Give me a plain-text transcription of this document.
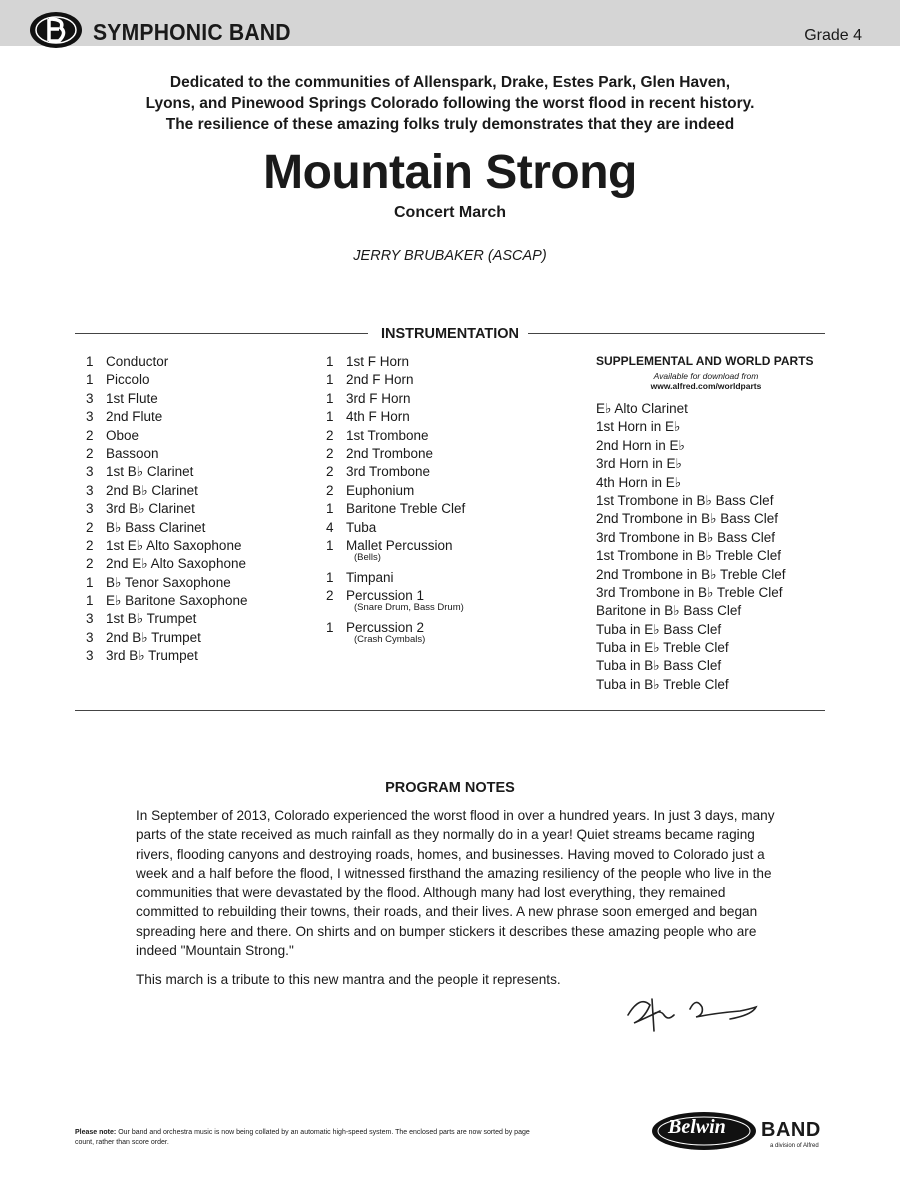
SYMPHONIC BAND	Grade 4
Dedicated to the communities of Allenspark, Drake, Estes Park, Glen Haven,
Lyons, and Pinewood Springs Colorado following the worst flood in recent history.
The resilience of these amazing folks truly demonstrates that they are indeed
Mountain Strong
Concert March
JERRY BRUBAKER (ASCAP)
INSTRUMENTATION
1 Conductor
1 Piccolo
3 1st Flute
3 2nd Flute
2 Oboe
2 Bassoon
3 1st B♭ Clarinet
3 2nd B♭ Clarinet
3 3rd B♭ Clarinet
2 B♭ Bass Clarinet
2 1st E♭ Alto Saxophone
2 2nd E♭ Alto Saxophone
1 B♭ Tenor Saxophone
1 E♭ Baritone Saxophone
3 1st B♭ Trumpet
3 2nd B♭ Trumpet
3 3rd B♭ Trumpet
1 1st F Horn
1 2nd F Horn
1 3rd F Horn
1 4th F Horn
2 1st Trombone
2 2nd Trombone
2 3rd Trombone
2 Euphonium
1 Baritone Treble Clef
4 Tuba
1 Mallet Percussion
(Bells)
1 Timpani
2 Percussion 1
(Snare Drum, Bass Drum)
1 Percussion 2
(Crash Cymbals)
SUPPLEMENTAL AND WORLD PARTS
Available for download from
www.alfred.com/worldparts
E♭ Alto Clarinet
1st Horn in E♭
2nd Horn in E♭
3rd Horn in E♭
4th Horn in E♭
1st Trombone in B♭ Bass Clef
2nd Trombone in B♭ Bass Clef
3rd Trombone in B♭ Bass Clef
1st Trombone in B♭ Treble Clef
2nd Trombone in B♭ Treble Clef
3rd Trombone in B♭ Treble Clef
Baritone in B♭ Bass Clef
Tuba in E♭ Bass Clef
Tuba in E♭ Treble Clef
Tuba in B♭ Bass Clef
Tuba in B♭ Treble Clef
PROGRAM NOTES

In September of 2013, Colorado experienced the worst flood in over a hundred years. In just 3 days, many parts of the state received as much rainfall as they normally do in a year! Quiet streams became raging rivers, flooding canyons and destroying roads, homes, and businesses. Having moved to Colorado just a week and a half before the flood, I witnessed firsthand the amazing resiliency of the people who live in the communities that were devastated by the flood. Although many had lost everything, they remained committed to rebuilding their towns, their roads, and their lives. A new phrase soon emerged and began spreading here and there. On shirts and on bumper stickers it describes these amazing people who are indeed "Mountain Strong."

This march is a tribute to this new mantra and the people it represents.

Please note: Our band and orchestra music is now being collated by an automatic high-speed system. The enclosed parts are now sorted by page count, rather than score order.
Belwin BAND
a division of Alfred
